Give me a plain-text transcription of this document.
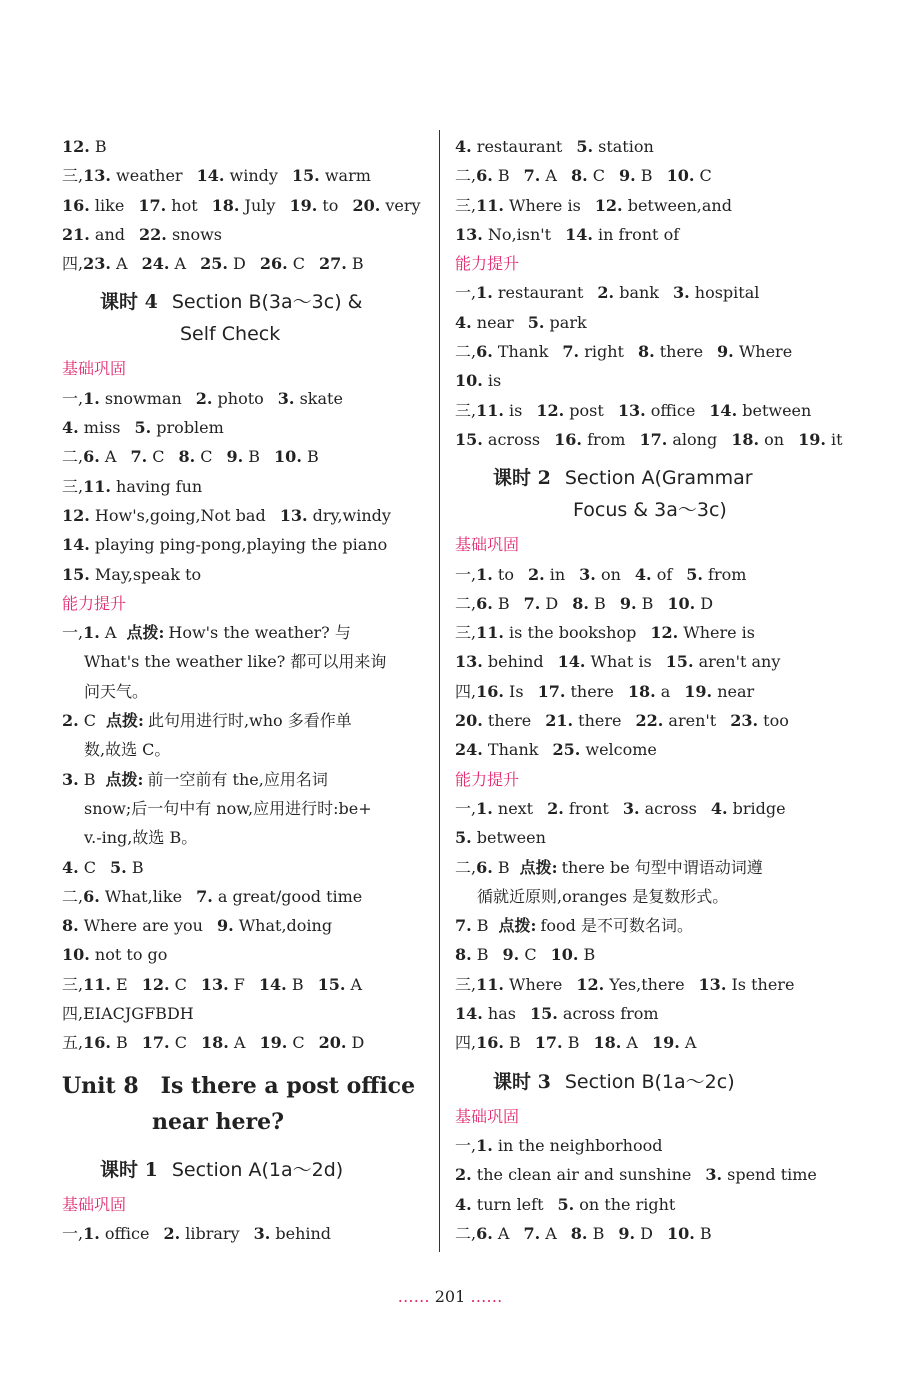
12. B
三,13. weather 14. windy 15. warm
16. like 17. hot 18. July 19. to 20. very
21. and 22. snows
四,23. A 24. A 25. D 26. C 27. B
课时 4 Section B(3a～3c) &
Self Check
基础巩固
一,1. snowman 2. photo 3. skate
4. miss 5. problem
二,6. A 7. C 8. C 9. B 10. B
三,11. having fun
12. How's,going,Not bad 13. dry,windy
14. playing ping-pong,playing the piano
15. May,speak to
能力提升
一,1. A 点拨: How's the weather? 与
What's the weather like? 都可以用来询
问天气。
2. C 点拨: 此句用进行时,who 多看作单
数,故选 C。
3. B 点拨: 前一空前有 the,应用名词
snow;后一句中有 now,应用进行时:be+
v.-ing,故选 B。
4. C 5. B
二,6. What,like 7. a great/good time
8. Where are you 9. What,doing
10. not to go
三,11. E 12. C 13. F 14. B 15. A
四,EIACJGFBDH
五,16. B 17. C 18. A 19. C 20. D
Unit 8 Is there a post office
near here?
课时 1 Section A(1a～2d)
基础巩固
一,1. office 2. library 3. behind
4. restaurant 5. station
二,6. B 7. A 8. C 9. B 10. C
三,11. Where is 12. between,and
13. No,isn't 14. in front of
能力提升
一,1. restaurant 2. bank 3. hospital
4. near 5. park
二,6. Thank 7. right 8. there 9. Where
10. is
三,11. is 12. post 13. office 14. between
15. across 16. from 17. along 18. on 19. it
课时 2 Section A(Grammar
Focus & 3a～3c)
基础巩固
一,1. to 2. in 3. on 4. of 5. from
二,6. B 7. D 8. B 9. B 10. D
三,11. is the bookshop 12. Where is
13. behind 14. What is 15. aren't any
四,16. Is 17. there 18. a 19. near
20. there 21. there 22. aren't 23. too
24. Thank 25. welcome
能力提升
一,1. next 2. front 3. across 4. bridge
5. between
二,6. B 点拨: there be 句型中谓语动词遵
循就近原则,oranges 是复数形式。
7. B 点拨: food 是不可数名词。
8. B 9. C 10. B
三,11. Where 12. Yes,there 13. Is there
14. has 15. across from
四,16. B 17. B 18. A 19. A
课时 3 Section B(1a～2c)
基础巩固
一,1. in the neighborhood
2. the clean air and sunshine 3. spend time
4. turn left 5. on the right
二,6. A 7. A 8. B 9. D 10. B
…… 201 ……
